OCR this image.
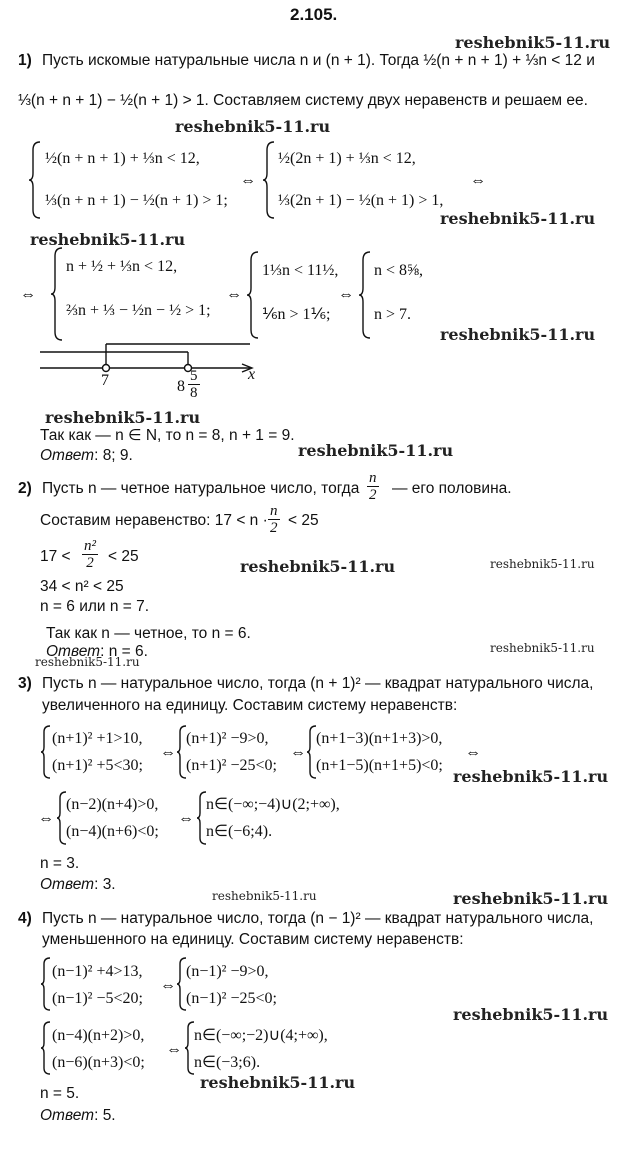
2.105.
reshebnik5-11.ru
reshebnik5-11.ru
reshebnik5-11.ru
reshebnik5-11.ru
reshebnik5-11.ru
reshebnik5-11.ru
reshebnik5-11.ru
reshebnik5-11.ru	reshebnik5-11.ru
reshebnik5-11.ru
reshebnik5-11.ru
reshebnik5-11.ru
reshebnik5-11.ru	reshebnik5-11.ru
reshebnik5-11.ru
reshebnik5-11.ru
1) Пусть искомые натуральные числа n и (n + 1). Тогда ½(n + n + 1) + ⅓n < 12 и
⅓(n + n + 1) − ½(n + 1) > 1. Составляем систему двух неравенств и решаем ее.
½(n + n + 1) + ⅓n < 12,
⅓(n + n + 1) − ½(n + 1) > 1;
⇔
½(2n + 1) + ⅓n < 12,
⅓(2n + 1) − ½(n + 1) > 1,
⇔
⇔
n + ½ + ⅓n < 12,
⅔n + ⅓ − ½n − ½ > 1;
⇔
1⅓n < 11½,
⅙n > 1⅙;
⇔
n < 8⅝,
n > 7.
7	$8 \frac{5}{8}$	x
Так как — n ∈ N, то n = 8, n + 1 = 9.
Ответ: 8; 9.
2) Пусть n — четное натуральное число, тогда $\frac{n}{2}$ — его половина.
Составим неравенство: $17 < n \cdot \frac{n}{2} < 25$
$17 < \frac{\text{n²}}{2} < 25$
34 < n² < 25
n = 6 или n = 7.
Так как n — четное, то n = 6.
Ответ: n = 6.
3) Пусть n — натуральное число, тогда (n + 1)² — квадрат натурального числа,
увеличенного на единицу. Составим систему неравенств:
(n+1)² +1>10,
(n+1)² +5<30;
⇔
(n+1)² −9>0,
(n+1)² −25<0;
⇔
(n+1−3)(n+1+3)>0,
(n+1−5)(n+1+5)<0;
⇔
⇔
(n−2)(n+4)>0,
(n−4)(n+6)<0;
⇔
n∈(−∞;−4)∪(2;+∞),
n∈(−6;4).
n = 3.
Ответ: 3.
4) Пусть n — натуральное число, тогда (n − 1)² — квадрат натурального числа,
уменьшенного на единицу. Составим систему неравенств:
(n−1)² +4>13,
(n−1)² −5<20;
⇔
(n−1)² −9>0,
(n−1)² −25<0;
(n−4)(n+2)>0,
(n−6)(n+3)<0;
⇔
n∈(−∞;−2)∪(4;+∞),
n∈(−3;6).
n = 5.
Ответ: 5.
